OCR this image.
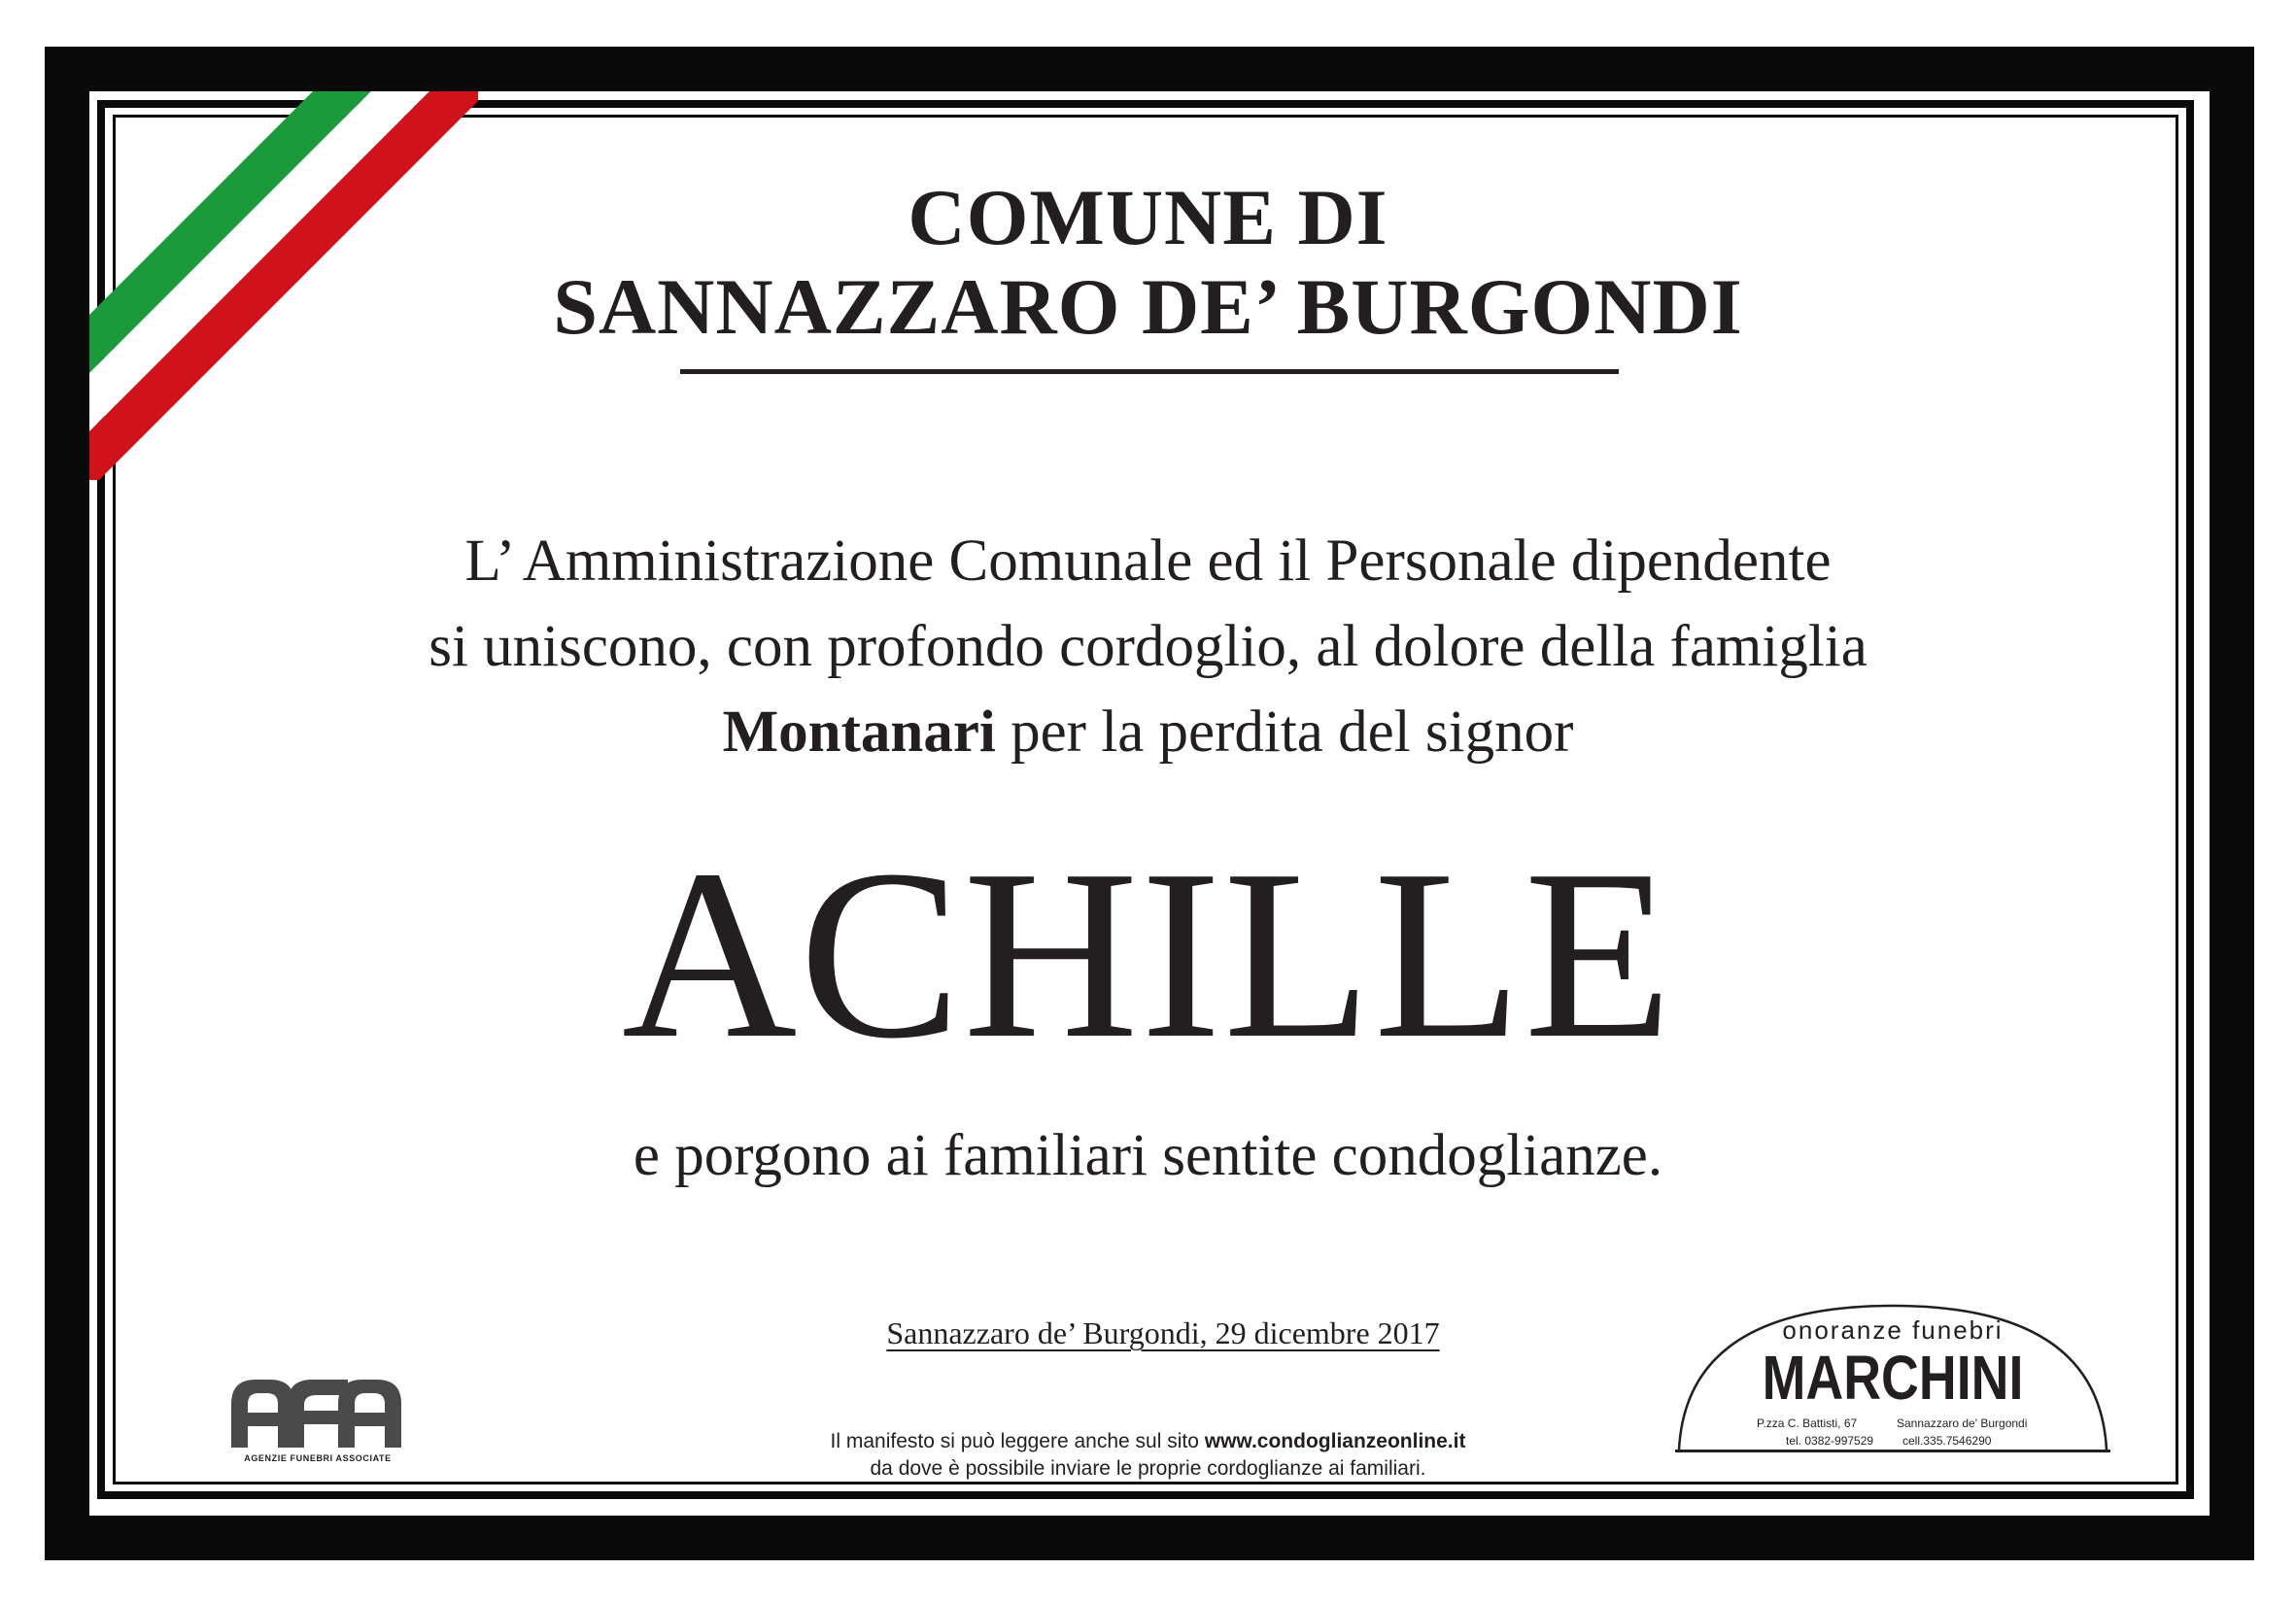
COMUNE DI
SANNAZZARO DE’ BURGONDI
L’ Amministrazione Comunale ed il Personale dipendente
si uniscono, con profondo cordoglio, al dolore della famiglia
Montanari per la perdita del signor
ACHILLE
e porgono ai familiari sentite condoglianze.
Sannazzaro de’ Burgondi, 29 dicembre 2017
Il manifesto si può leggere anche sul sito www.condoglianzeonline.it
da dove è possibile inviare le proprie cordoglianze ai familiari.
AGENZIE FUNEBRI ASSOCIATE
onoranze funebri
MARCHINI
P.zza C. Battisti, 67	Sannazzaro de' Burgondi
tel. 0382-997529 cell.335.7546290
